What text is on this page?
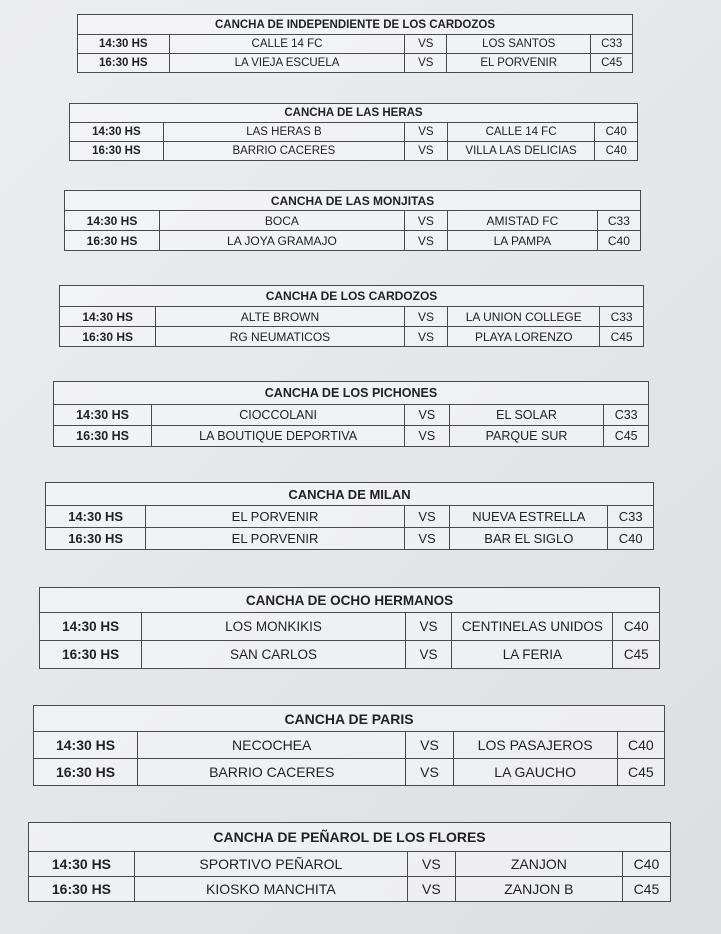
CANCHA DE INDEPENDIENTE DE LOS CARDOZOS				
14:30 HS	CALLE 14 FC	VS	LOS SANTOS	C33
16:30 HS	LA VIEJA ESCUELA	VS	EL PORVENIR	C45
CANCHA DE LAS HERAS				
14:30 HS	LAS HERAS B	VS	CALLE 14 FC	C40
16:30 HS	BARRIO CACERES	VS	VILLA LAS DELICIAS	C40
CANCHA DE LAS MONJITAS				
14:30 HS	BOCA	VS	AMISTAD FC	C33
16:30 HS	LA JOYA GRAMAJO	VS	LA PAMPA	C40
CANCHA DE LOS CARDOZOS				
14:30 HS	ALTE BROWN	VS	LA UNION COLLEGE	C33
16:30 HS	RG NEUMATICOS	VS	PLAYA LORENZO	C45
CANCHA DE LOS PICHONES				
14:30 HS	CIOCCOLANI	VS	EL SOLAR	C33
16:30 HS	LA BOUTIQUE DEPORTIVA	VS	PARQUE SUR	C45
CANCHA DE MILAN				
14:30 HS	EL PORVENIR	VS	NUEVA ESTRELLA	C33
16:30 HS	EL PORVENIR	VS	BAR EL SIGLO	C40
CANCHA DE OCHO HERMANOS				
14:30 HS	LOS MONKIKIS	VS	CENTINELAS UNIDOS	C40
16:30 HS	SAN CARLOS	VS	LA FERIA	C45
CANCHA DE PARIS				
14:30 HS	NECOCHEA	VS	LOS PASAJEROS	C40
16:30 HS	BARRIO CACERES	VS	LA GAUCHO	C45
CANCHA DE PEÑAROL DE LOS FLORES				
14:30 HS	SPORTIVO PEÑAROL	VS	ZANJON	C40
16:30 HS	KIOSKO MANCHITA	VS	ZANJON B	C45
